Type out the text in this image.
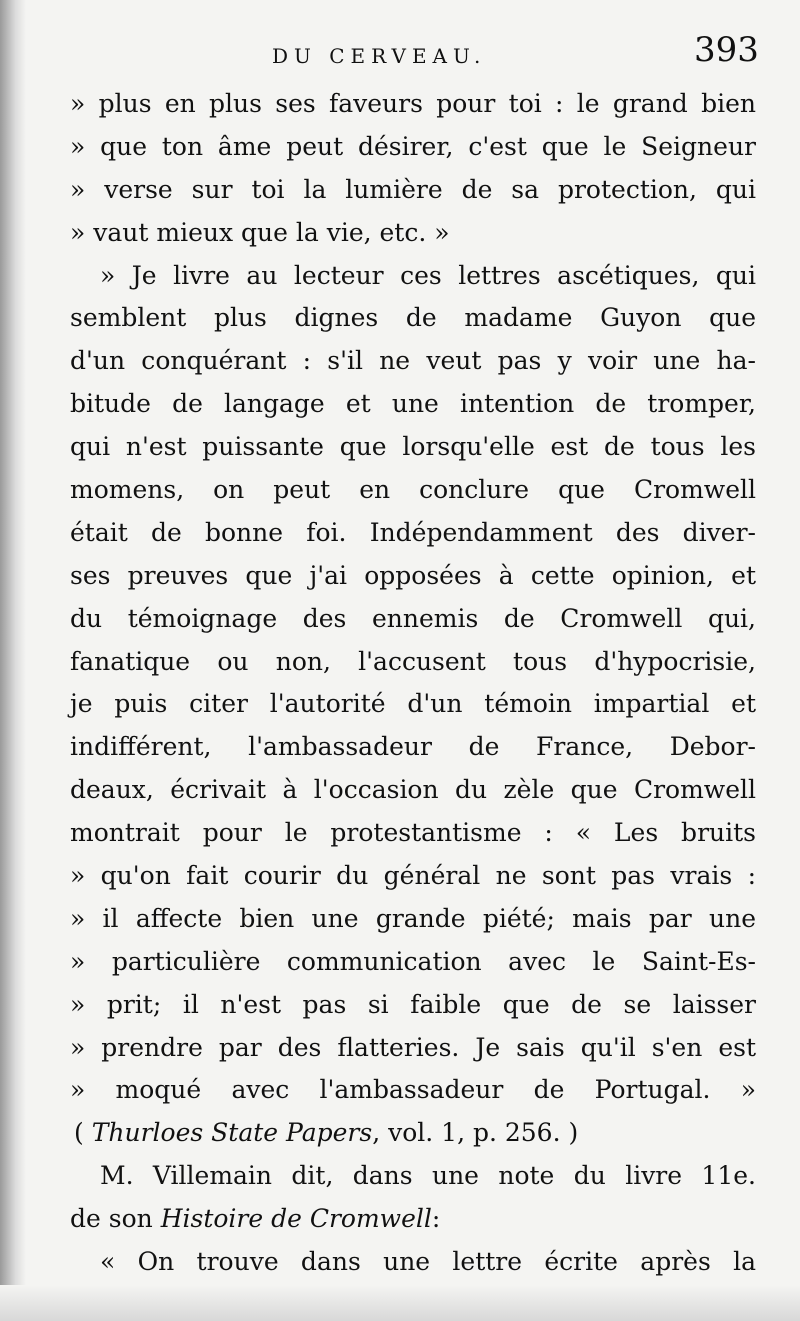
DU CERVEAU.	393
» plus en plus ses faveurs pour toi : le grand bien
» que ton âme peut désirer, c'est que le Seigneur
» verse sur toi la lumière de sa protection, qui
» vaut mieux que la vie, etc. »
» Je livre au lecteur ces lettres ascétiques, qui
semblent plus dignes de madame Guyon que
d'un conquérant : s'il ne veut pas y voir une ha-
bitude de langage et une intention de tromper,
qui n'est puissante que lorsqu'elle est de tous les
momens, on peut en conclure que Cromwell
était de bonne foi. Indépendamment des diver-
ses preuves que j'ai opposées à cette opinion, et
du témoignage des ennemis de Cromwell qui,
fanatique ou non, l'accusent tous d'hypocrisie,
je puis citer l'autorité d'un témoin impartial et
indifférent, l'ambassadeur de France, Debor-
deaux, écrivait à l'occasion du zèle que Cromwell
montrait pour le protestantisme : « Les bruits
» qu'on fait courir du général ne sont pas vrais :
» il affecte bien une grande piété; mais par une
» particulière communication avec le Saint-Es-
» prit; il n'est pas si faible que de se laisser
» prendre par des flatteries. Je sais qu'il s'en est
» moqué avec l'ambassadeur de Portugal. »
( Thurloes State Papers, vol. 1, p. 256. )
M. Villemain dit, dans une note du livre 11e.
de son Histoire de Cromwell:
« On trouve dans une lettre écrite après la
